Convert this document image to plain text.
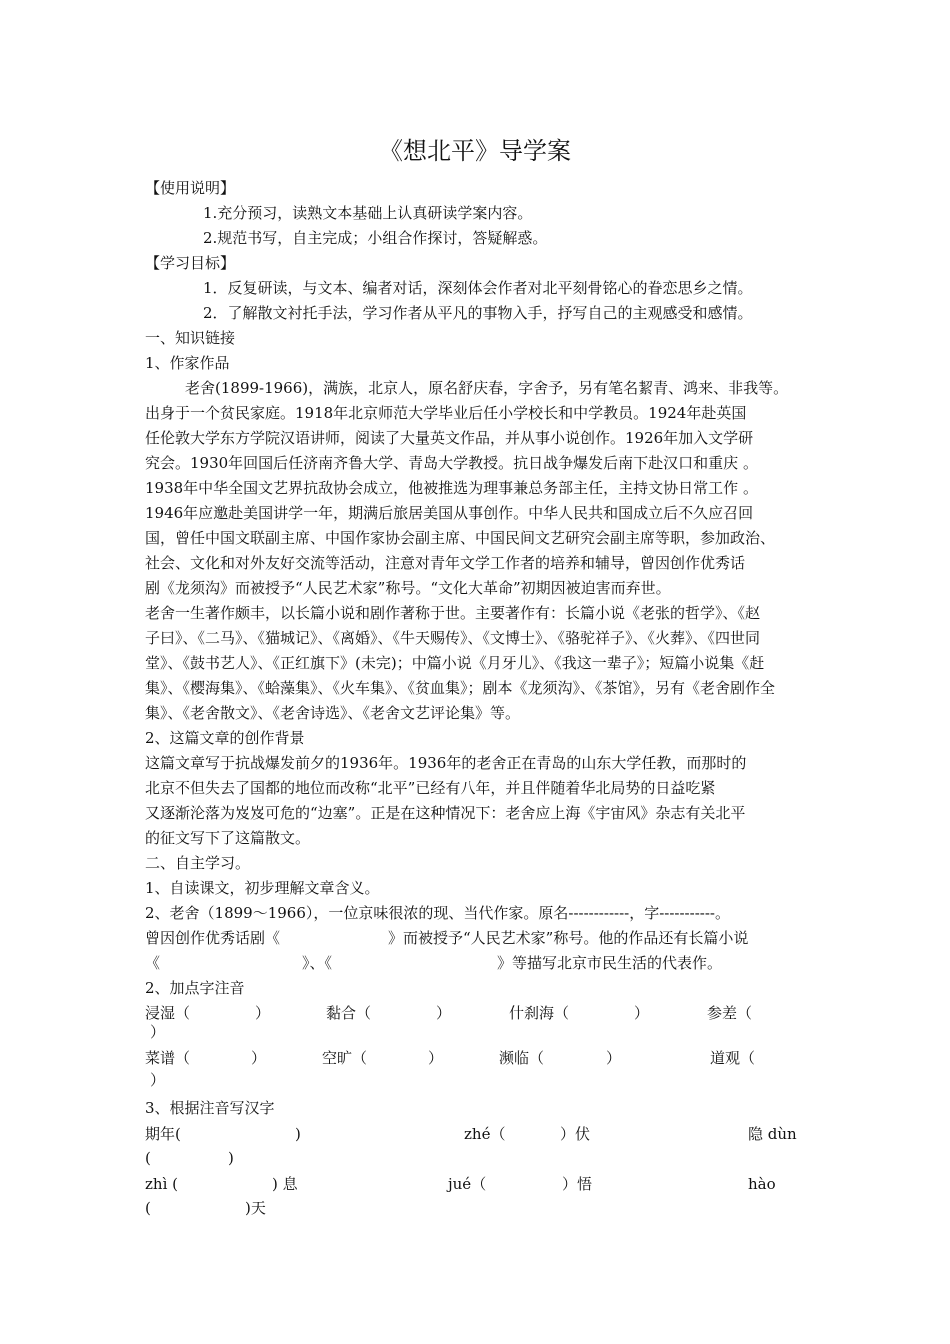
《想北平》导学案
【使用说明】
1.充分预习，读熟文本基础上认真研读学案内容。
2.规范书写，自主完成；小组合作探讨，答疑解惑。
【学习目标】
1．反复研读，与文本、编者对话，深刻体会作者对北平刻骨铭心的眷恋思乡之情。
2．了解散文衬托手法，学习作者从平凡的事物入手，抒写自己的主观感受和感情。
一、知识链接
1、作家作品
老舍(1899-1966)，满族，北京人，原名舒庆春，字舍予，另有笔名絜青、鸿来、非我等。
出身于一个贫民家庭。1918年北京师范大学毕业后任小学校长和中学教员。1924年赴英国
任伦敦大学东方学院汉语讲师，阅读了大量英文作品，并从事小说创作。1926年加入文学研
究会。1930年回国后任济南齐鲁大学、青岛大学教授。抗日战争爆发后南下赴汉口和重庆 。
1938年中华全国文艺界抗敌协会成立，他被推选为理事兼总务部主任，主持文协日常工作 。
1946年应邀赴美国讲学一年，期满后旅居美国从事创作。中华人民共和国成立后不久应召回
国，曾任中国文联副主席、中国作家协会副主席、中国民间文艺研究会副主席等职，参加政治、
社会、文化和对外友好交流等活动，注意对青年文学工作者的培养和辅导，曾因创作优秀话
剧《龙须沟》而被授予“人民艺术家”称号。“文化大革命”初期因被迫害而弃世。
老舍一生著作颇丰，以长篇小说和剧作著称于世。主要著作有：长篇小说《老张的哲学》、《赵
子曰》、《二马》、《猫城记》、《离婚》、《牛天赐传》、《文博士》、《骆驼祥子》、《火葬》、《四世同
堂》、《鼓书艺人》、《正红旗下》(未完)；中篇小说《月牙儿》、《我这一辈子》；短篇小说集《赶
集》、《樱海集》、《蛤藻集》、《火车集》、《贫血集》；剧本《龙须沟》、《茶馆》，另有《老舍剧作全
集》、《老舍散文》、《老舍诗选》、《老舍文艺评论集》等。
2、这篇文章的创作背景
这篇文章写于抗战爆发前夕的1936年。1936年的老舍正在青岛的山东大学任教，而那时的
北京不但失去了国都的地位而改称“北平”已经有八年，并且伴随着华北局势的日益吃紧
又逐渐沦落为岌岌可危的“边塞”。正是在这种情况下：老舍应上海《宇宙风》杂志有关北平
的征文写下了这篇散文。
二、自主学习。
1、自读课文，初步理解文章含义。
2、老舍（1899～1966），一位京味很浓的现、当代作家。原名------------，字-----------。
曾因创作优秀话剧《	》而被授予“人民艺术家”称号。他的作品还有长篇小说
《	》、《	》等描写北京市民生活的代表作。
2、加点字注音
浸湿（	）	黏合（	）	什刹海（	）	参差（
）
菜谱（	）	空旷（	）	濒临（	）	道观（
）
3、根据注音写汉字
期年(	)	zhé（	）伏	隐 dùn
(	)
zhì (	) 息	jué（	）悟	hào
(	)天
